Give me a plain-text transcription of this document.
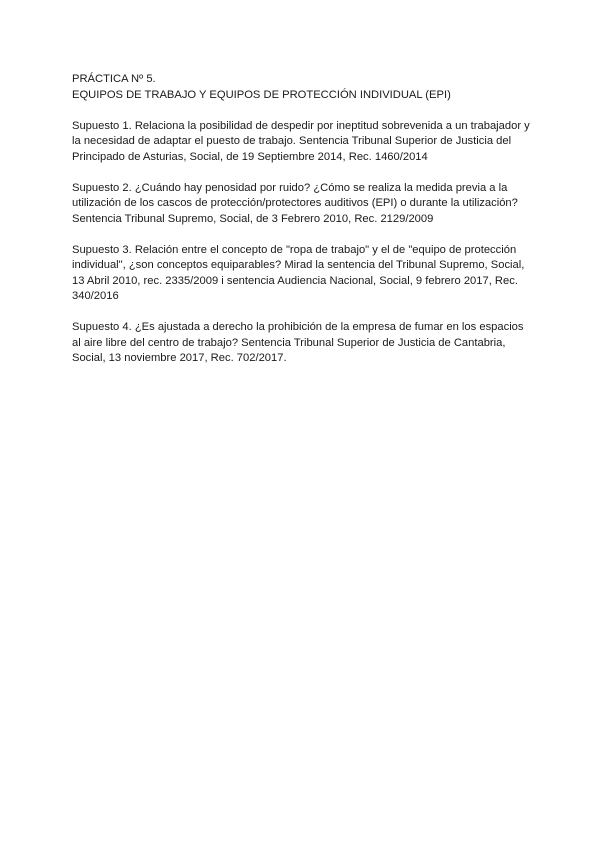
PRÁCTICA Nº 5.
EQUIPOS DE TRABAJO Y EQUIPOS DE PROTECCIÓN INDIVIDUAL (EPI)
Supuesto 1. Relaciona la posibilidad de despedir por ineptitud sobrevenida a un trabajador y
la necesidad de adaptar el puesto de trabajo. Sentencia Tribunal Superior de Justicia del
Principado de Asturias, Social, de 19 Septiembre 2014, Rec. 1460/2014
Supuesto 2. ¿Cuándo hay penosidad por ruido? ¿Cómo se realiza la medida previa a la
utilización de los cascos de protección/protectores auditivos (EPI) o durante la utilización?
Sentencia Tribunal Supremo, Social, de 3 Febrero 2010, Rec. 2129/2009
Supuesto 3. Relación entre el concepto de "ropa de trabajo" y el de "equipo de protección
individual", ¿son conceptos equiparables? Mirad la sentencia del Tribunal Supremo, Social,
13 Abril 2010, rec. 2335/2009 i sentencia Audiencia Nacional, Social, 9 febrero 2017, Rec.
340/2016
Supuesto 4. ¿Es ajustada a derecho la prohibición de la empresa de fumar en los espacios
al aire libre del centro de trabajo? Sentencia Tribunal Superior de Justicia de Cantabria,
Social, 13 noviembre 2017, Rec. 702/2017.
